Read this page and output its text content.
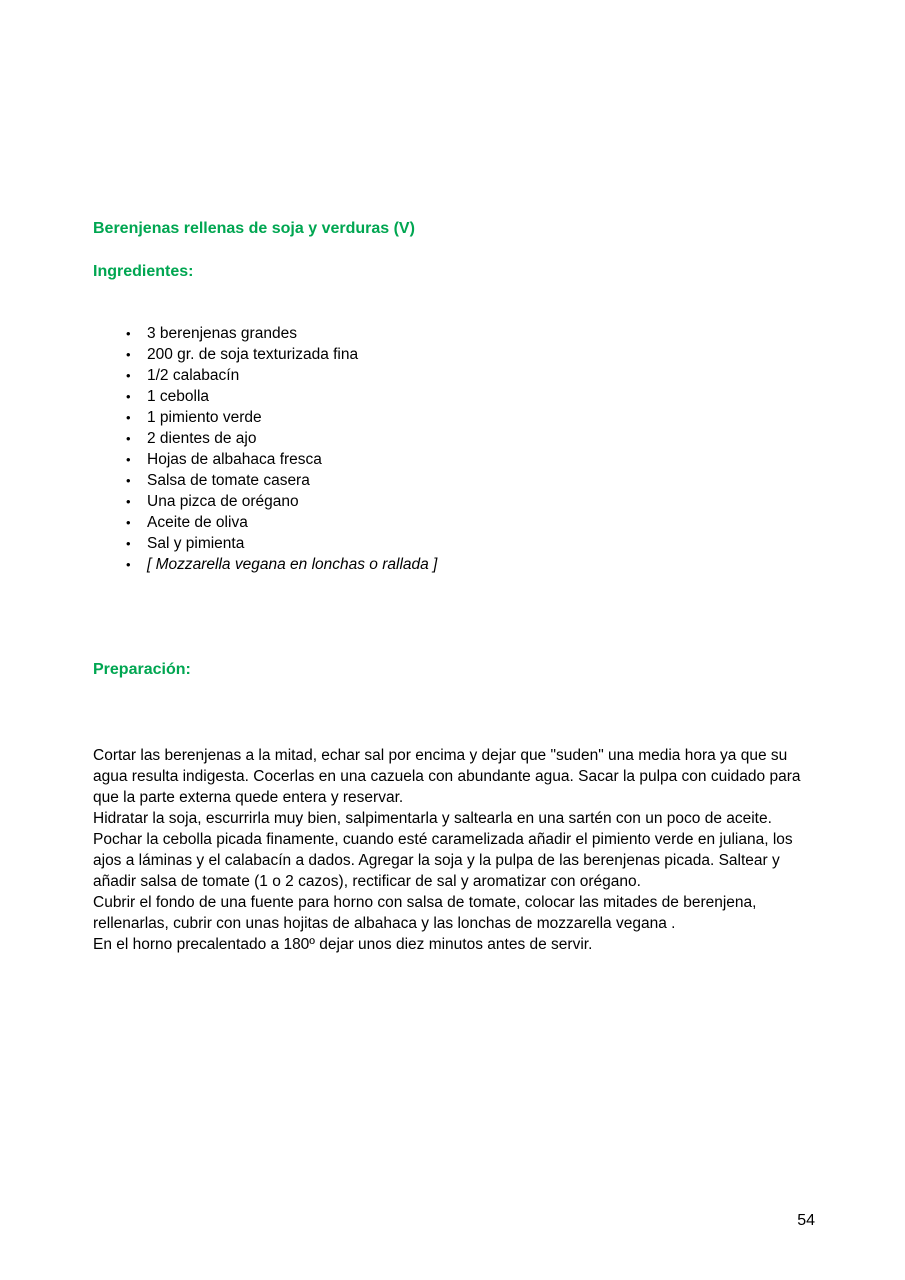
Berenjenas rellenas de soja y verduras (V)
Ingredientes:
• 3 berenjenas grandes
• 200 gr. de soja texturizada fina
• 1/2 calabacín
• 1 cebolla
• 1 pimiento verde
• 2 dientes de ajo
• Hojas de albahaca fresca
• Salsa de tomate casera
• Una pizca de orégano
• Aceite de oliva
• Sal y pimienta
• [ Mozzarella vegana en lonchas o rallada ]
Preparación:

Cortar las berenjenas a la mitad, echar sal por encima y dejar que "suden" una media hora ya que su agua resulta indigesta. Cocerlas en una cazuela con abundante agua. Sacar la pulpa con cuidado para que la parte externa quede entera y reservar.

Hidratar la soja, escurrirla muy bien, salpimentarla y saltearla en una sartén con un poco de aceite.

Pochar la cebolla picada finamente, cuando esté caramelizada añadir el pimiento verde en juliana, los ajos a láminas y el calabacín a dados. Agregar la soja y la pulpa de las berenjenas picada. Saltear y añadir salsa de tomate (1 o 2 cazos), rectificar de sal y aromatizar con orégano.

Cubrir el fondo de una fuente para horno con salsa de tomate, colocar las mitades de berenjena, rellenarlas, cubrir con unas hojitas de albahaca y las lonchas de mozzarella vegana .

En el horno precalentado a 180º dejar unos diez minutos antes de servir.

54
